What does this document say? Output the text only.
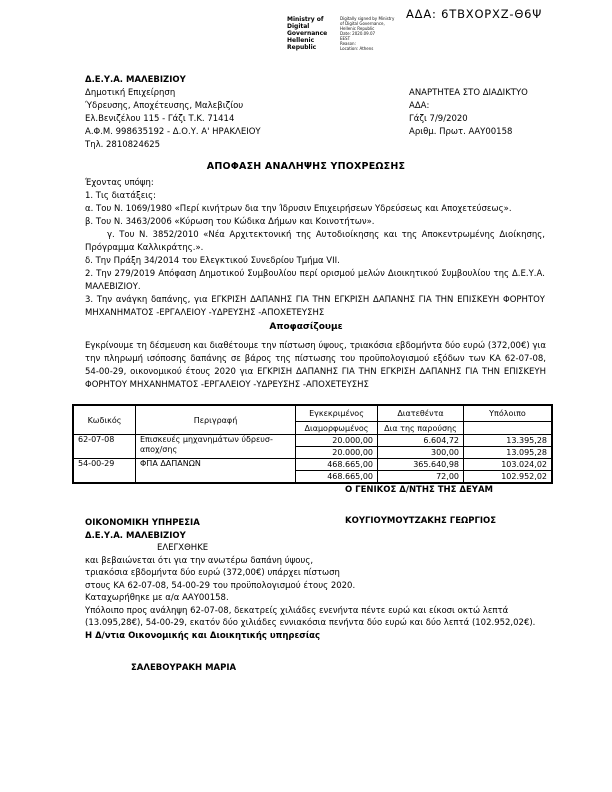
ΑΔΑ: 6ΤΒΧΟΡΧΖ-Θ6Ψ
Ministry of Digital
Governance
Hellenic Republic
Digitally signed by Ministry
of Digital Governance,
Hellenic Republic
Date: 2020.09.07
EEST
Reason:
Location: Athens
Δ.Ε.Υ.Α. ΜΑΛΕΒΙΖΙΟΥ
Δημοτική Επιχείρηση
Ύδρευσης, Αποχέτευσης, Μαλεβιζίου
Ελ.Βενιζέλου 115 - Γάζι Τ.Κ. 71414
Α.Φ.Μ. 998635192 - Δ.Ο.Υ. Α' ΗΡΑΚΛΕΙΟΥ
Τηλ. 2810824625
ΑΝΑΡΤΗΤΕΑ ΣΤΟ ΔΙΑΔΙΚΤΥΟ
ΑΔΑ:
Γάζι 7/9/2020
Αριθμ. Πρωτ. ΑΑΥ00158
ΑΠΟΦΑΣΗ ΑΝΑΛΗΨΗΣ ΥΠΟΧΡΕΩΣΗΣ

Έχοντας υπόψη:

1. Τις διατάξεις:

α. Του Ν. 1069/1980 «Περί κινήτρων δια την Ίδρυσιν Επιχειρήσεων Υδρεύσεως και Αποχετεύσεως».

β. Του Ν. 3463/2006 «Κύρωση του Κώδικα Δήμων και Κοινοτήτων».

γ. Του Ν. 3852/2010 «Νέα Αρχιτεκτονική της Αυτοδιοίκησης και της Αποκεντρωμένης Διοίκησης, Πρόγραμμα Καλλικράτης.».

δ. Την Πράξη 34/2014 του Ελεγκτικού Συνεδρίου Τμήμα VII.

2. Την 279/2019 Απόφαση Δημοτικού Συμβουλίου περί ορισμού μελών Διοικητικού Συμβουλίου της Δ.Ε.Υ.Α. ΜΑΛΕΒΙΖΙΟΥ.

3. Την ανάγκη δαπάνης, για ΕΓΚΡΙΣΗ ΔΑΠΑΝΗΣ ΓΙΑ ΤΗΝ ΕΓΚΡΙΣΗ ΔΑΠΑΝΗΣ ΓΙΑ ΤΗΝ ΕΠΙΣΚΕΥΗ ΦΟΡΗΤΟΥ ΜΗΧΑΝΗΜΑΤΟΣ -ΕΡΓΑΛΕΙΟΥ -ΥΔΡΕΥΣΗΣ -ΑΠΟΧΕΤΕΥΣΗΣ

Αποφασίζουμε

Εγκρίνουμε τη δέσμευση και διαθέτουμε την πίστωση ύψους, τριακόσια εβδομήντα δύο ευρώ (372,00€) για την πληρωμή ισόποσης δαπάνης σε βάρος της πίστωσης του προϋπολογισμού εξόδων των ΚΑ 62-07-08, 54-00-29, οικονομικού έτους 2020 για ΕΓΚΡΙΣΗ ΔΑΠΑΝΗΣ ΓΙΑ ΤΗΝ ΕΓΚΡΙΣΗ ΔΑΠΑΝΗΣ ΓΙΑ ΤΗΝ ΕΠΙΣΚΕΥΗ ΦΟΡΗΤΟΥ ΜΗΧΑΝΗΜΑΤΟΣ -ΕΡΓΑΛΕΙΟΥ -ΥΔΡΕΥΣΗΣ -ΑΠΟΧΕΤΕΥΣΗΣ

Κωδικός	Περιγραφή	Εγκεκριμένος	Διατεθέντα	Υπόλοιπο
		Διαμορφωμένος	Δια της παρούσης	
62-07-08	Επισκευές μηχανημάτων ύδρευσ-αποχ/σης	20.000,00	6.604,72	13.395,28
		20.000,00	300,00	13.095,28
54-00-29	ΦΠΑ ΔΑΠΑΝΩΝ	468.665,00	365.640,98	103.024,02
		468.665,00	72,00	102.952,02
Ο ΓΕΝΙΚΟΣ Δ/ΝΤΗΣ ΤΗΣ ΔΕΥΑΜ
ΚΟΥΓΙΟΥΜΟΥΤΖΑΚΗΣ ΓΕΩΡΓΙΟΣ

ΟΙΚΟΝΟΜΙΚΗ ΥΠΗΡΕΣΙΑ

Δ.Ε.Υ.Α. ΜΑΛΕΒΙΖΙΟΥ

ΕΛΕΓΧΘΗΚΕ

και βεβαιώνεται ότι για την ανωτέρω δαπάνη ύψους,

τριακόσια εβδομήντα δύο ευρώ (372,00€) υπάρχει πίστωση

στους ΚΑ 62-07-08, 54-00-29 του προϋπολογισμού έτους 2020.

Καταχωρήθηκε με α/α ΑΑΥ00158.

Υπόλοιπο προς ανάληψη 62-07-08, δεκατρείς χιλιάδες ενενήντα πέντε ευρώ και είκοσι οκτώ λεπτά (13.095,28€), 54-00-29, εκατόν δύο χιλιάδες εννιακόσια πενήντα δύο ευρώ και δύο λεπτά (102.952,02€).

Η Δ/ντια Οικονομικής και Διοικητικής υπηρεσίας

ΣΑΛΕΒΟΥΡΑΚΗ ΜΑΡΙΑ
